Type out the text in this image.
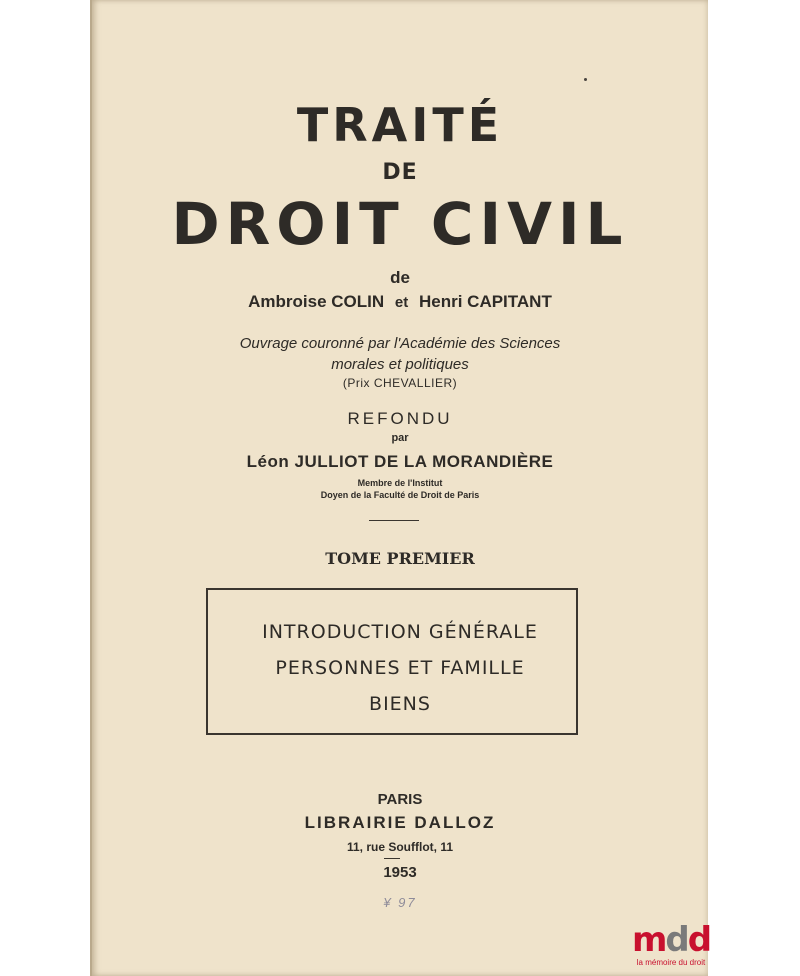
TRAITÉ
DE
DROIT CIVIL
de
Ambroise COLIN et Henri CAPITANT
Ouvrage couronné par l'Académie des Sciences
morales et politiques
(Prix CHEVALLIER)
REFONDU
par
Léon JULLIOT DE LA MORANDIÈRE
Membre de l'Institut
Doyen de la Faculté de Droit de Paris
TOME PREMIER
INTRODUCTION GÉNÉRALE
PERSONNES ET FAMILLE
BIENS
PARIS
LIBRAIRIE DALLOZ
11, rue Soufflot, 11
1953
¥ 97
mdd
la mémoire du droit
